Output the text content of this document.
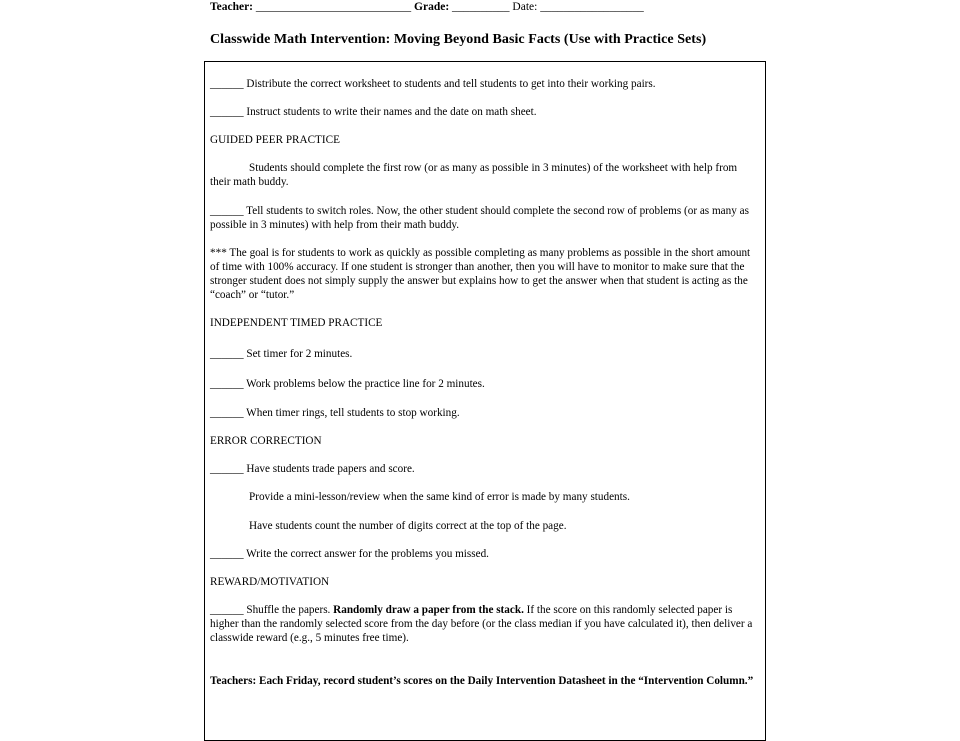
Teacher: ___________________________ Grade: __________ Date: __________________
Classwide Math Intervention: Moving Beyond Basic Facts (Use with Practice Sets)
______ Distribute the correct worksheet to students and tell students to get into their working pairs.
______ Instruct students to write their names and the date on math sheet.
GUIDED PEER PRACTICE
Students should complete the first row (or as many as possible in 3 minutes) of the worksheet with help from their math buddy.
______ Tell students to switch roles. Now, the other student should complete the second row of problems (or as many as possible in 3 minutes) with help from their math buddy.
*** The goal is for students to work as quickly as possible completing as many problems as possible in the short amount of time with 100% accuracy. If one student is stronger than another, then you will have to monitor to make sure that the stronger student does not simply supply the answer but explains how to get the answer when that student is acting as the “coach” or “tutor.”
INDEPENDENT TIMED PRACTICE
______ Set timer for 2 minutes.
______ Work problems below the practice line for 2 minutes.
______ When timer rings, tell students to stop working.
ERROR CORRECTION
______ Have students trade papers and score.
Provide a mini-lesson/review when the same kind of error is made by many students.
Have students count the number of digits correct at the top of the page.
______ Write the correct answer for the problems you missed.
REWARD/MOTIVATION
______ Shuffle the papers. Randomly draw a paper from the stack. If the score on this randomly selected paper is higher than the randomly selected score from the day before (or the class median if you have calculated it), then deliver a classwide reward (e.g., 5 minutes free time).
Teachers: Each Friday, record student’s scores on the Daily Intervention Datasheet in the “Intervention Column.”
